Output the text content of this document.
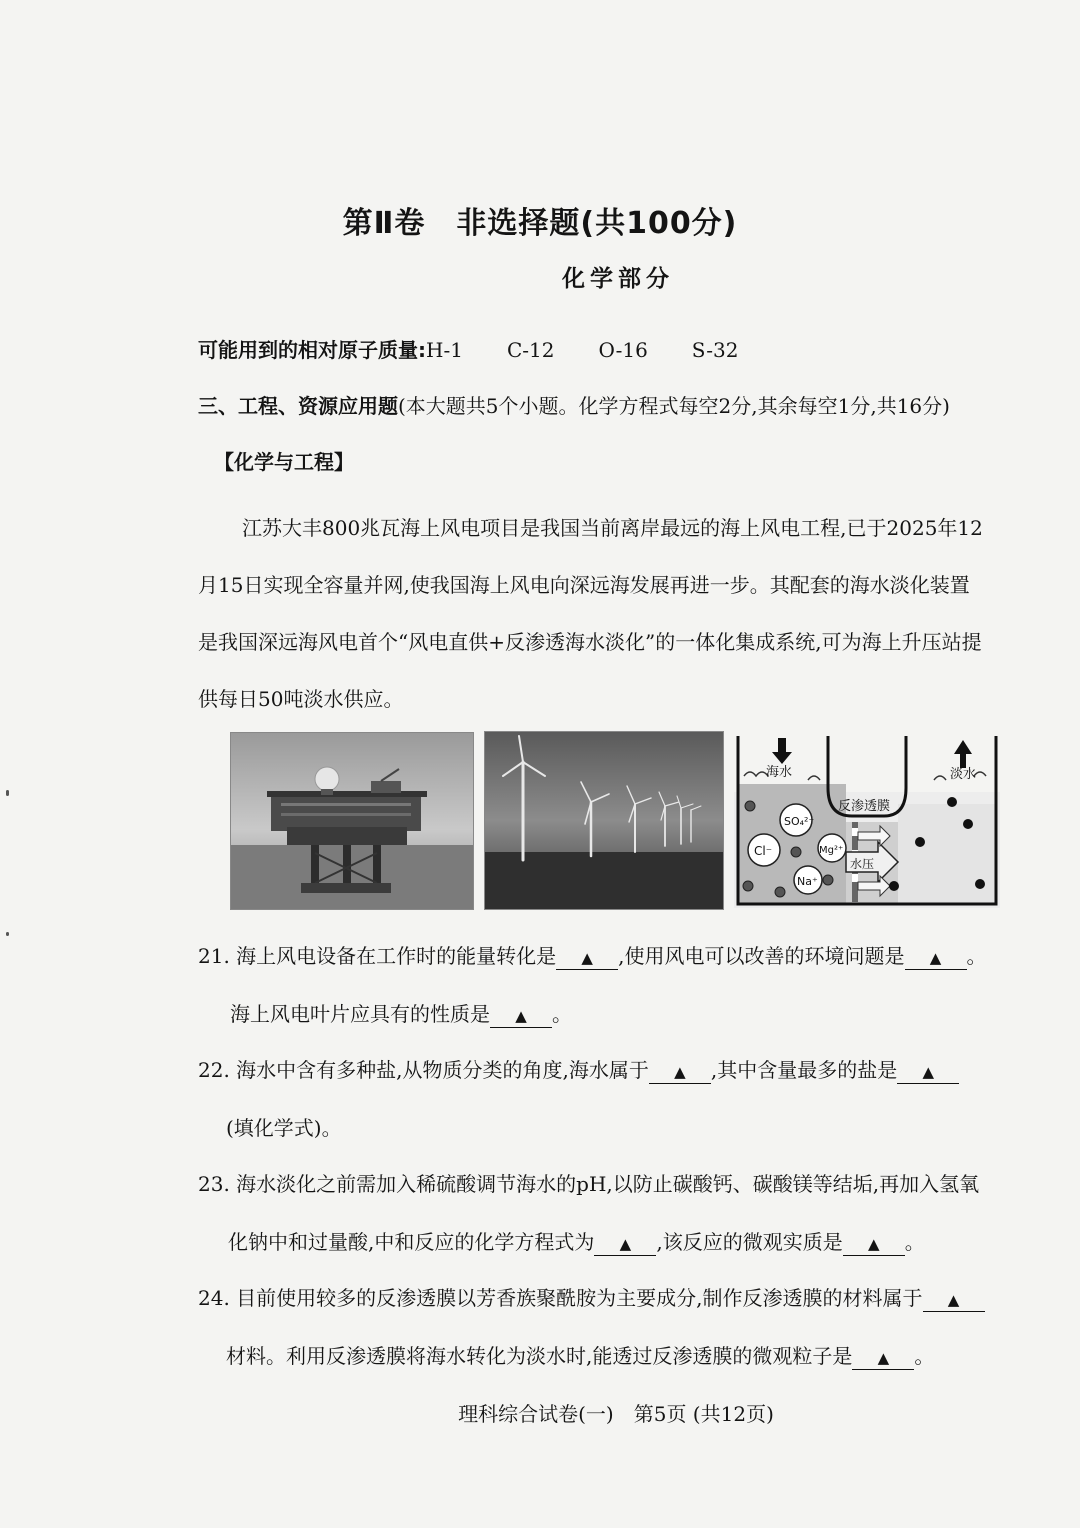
第Ⅱ卷　非选择题(共100分)
化学部分
可能用到的相对原子质量:H-1 C-12 O-16 S-32
三、工程、资源应用题(本大题共5个小题。化学方程式每空2分,其余每空1分,共16分)
【化学与工程】
江苏大丰800兆瓦海上风电项目是我国当前离岸最远的海上风电工程,已于2025年12
月15日实现全容量并网,使我国海上风电向深远海发展再进一步。其配套的海水淡化装置
是我国深远海风电首个“风电直供+反渗透海水淡化”的一体化集成系统,可为海上升压站提
供每日50吨淡水供应。
海水	淡水
反渗透膜
水压
SO₄²⁻
Mg²⁺
Cl⁻
Na⁺
21. 海上风电设备在工作时的能量转化是 ▲ ,使用风电可以改善的环境问题是 ▲ 。
海上风电叶片应具有的性质是 ▲ 。
22. 海水中含有多种盐,从物质分类的角度,海水属于 ▲ ,其中含量最多的盐是 ▲
(填化学式)。
23. 海水淡化之前需加入稀硫酸调节海水的pH,以防止碳酸钙、碳酸镁等结垢,再加入氢氧
化钠中和过量酸,中和反应的化学方程式为 ▲ ,该反应的微观实质是 ▲ 。
24. 目前使用较多的反渗透膜以芳香族聚酰胺为主要成分,制作反渗透膜的材料属于 ▲
材料。利用反渗透膜将海水转化为淡水时,能透过反渗透膜的微观粒子是 ▲ 。
理科综合试卷(一)　第5页 (共12页)
